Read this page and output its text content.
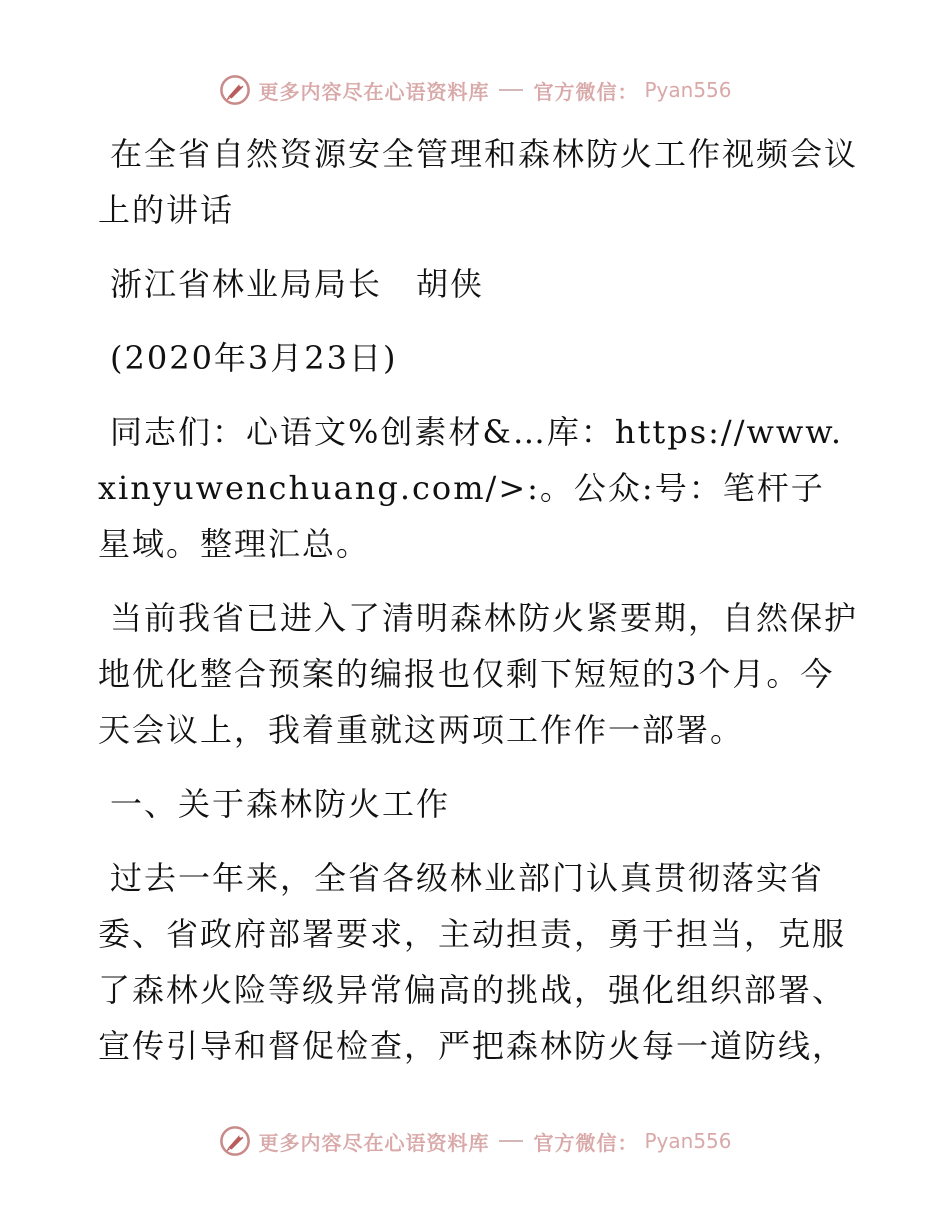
更多内容尽在心语资料库 官方微信： Pyan556

在全省自然资源安全管理和森林防火工作视频会议上的讲话

浙江省林业局局长　胡侠

(2020年3月23日)

同志们：心语文%创素材&…库：https://www.xinyuwenchuang.com/>:。公众:号：笔杆子星域。整理汇总。

当前我省已进入了清明森林防火紧要期，自然保护地优化整合预案的编报也仅剩下短短的3个月。今天会议上，我着重就这两项工作作一部署。

一、关于森林防火工作

过去一年来，全省各级林业部门认真贯彻落实省委、省政府部署要求，主动担责，勇于担当，克服了森林火险等级异常偏高的挑战，强化组织部署、宣传引导和督促检查，严把森林防火每一道防线，

更多内容尽在心语资料库 官方微信： Pyan556
